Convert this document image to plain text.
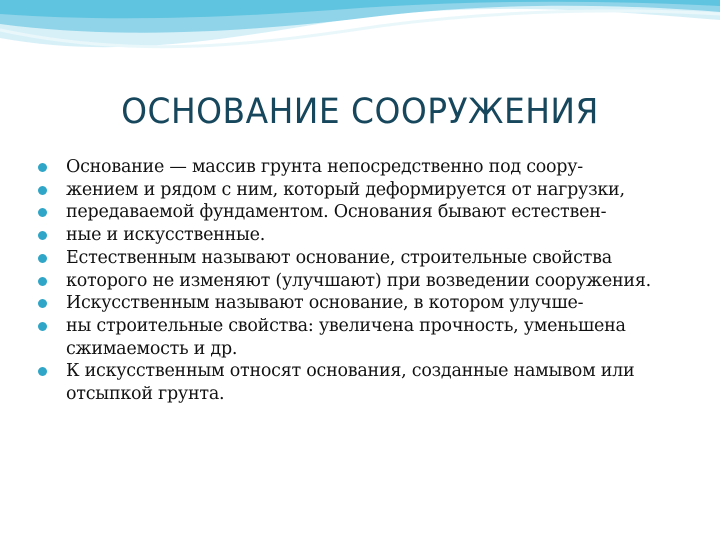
ОСНОВАНИЕ СООРУЖЕНИЯ
Основание — массив грунта непосредственно под соору-
жением и рядом с ним, который деформируется от нагрузки,
передаваемой фундаментом. Основания бывают естествен-
ные и искусственные.
Естественным называют основание, строительные свойства
которого не изменяют (улучшают) при возведении сооружения.
Искусственным называют основание, в котором улучше-
ны строительные свойства: увеличена прочность, уменьшена сжимаемость и др.
К искусственным относят основания, созданные намывом или отсыпкой грунта.
